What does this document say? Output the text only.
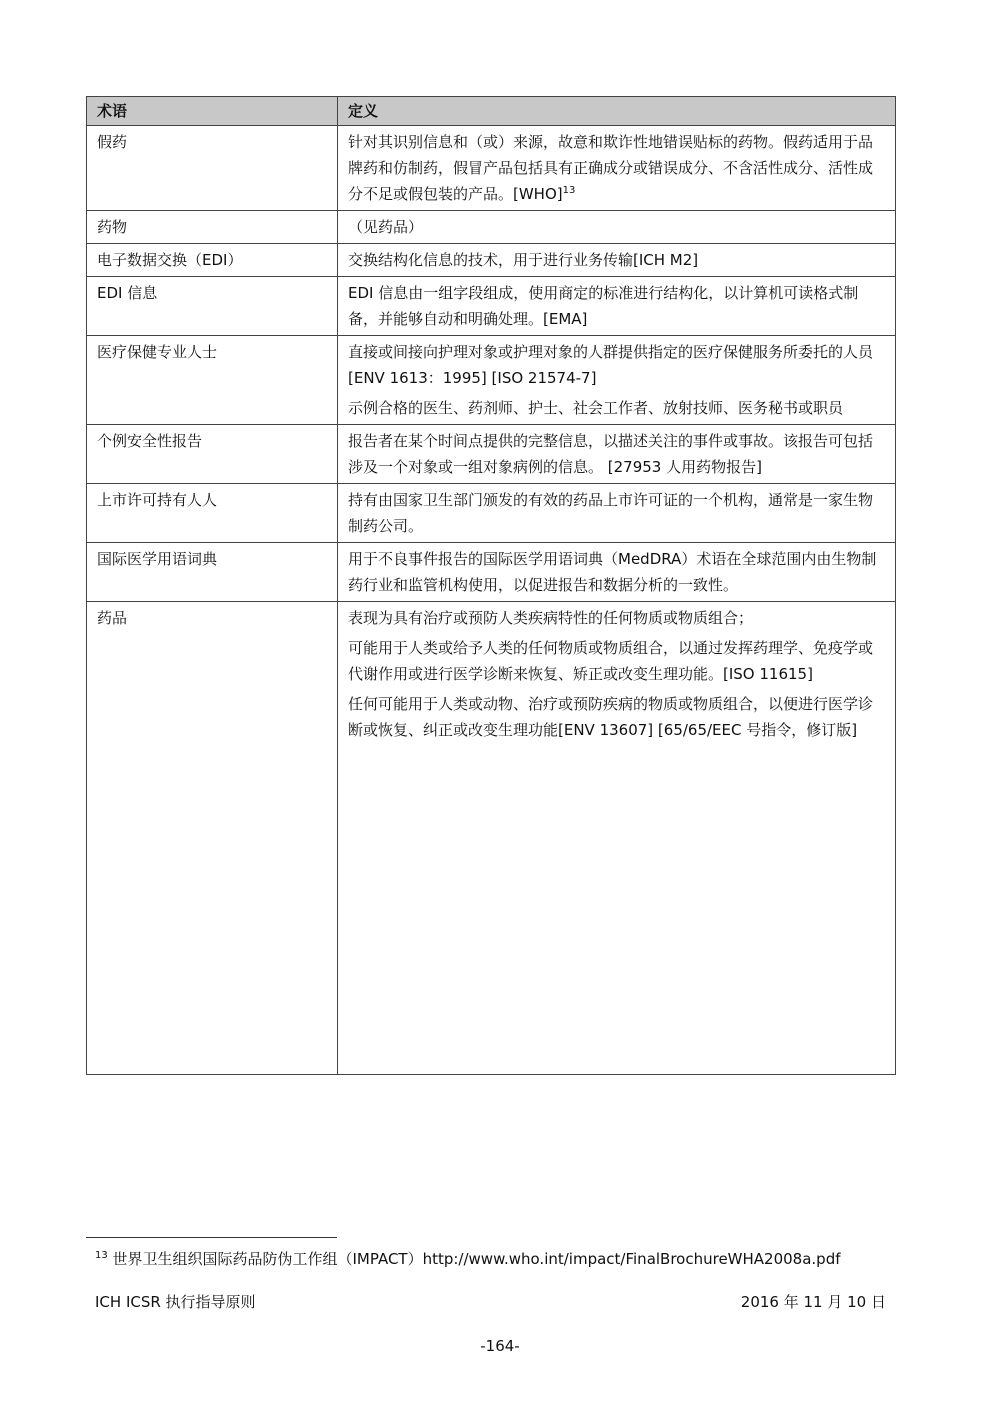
术语	定义
假药	针对其识别信息和（或）来源，故意和欺诈性地错误贴标的药物。假药适用于品牌药和仿制药，假冒产品包括具有正确成分或错误成分、不含活性成分、活性成分不足或假包装的产品。[WHO]$^{13}$

药物	（见药品）

电子数据交换（EDI）	交换结构化信息的技术，用于进行业务传输[ICH M2]

EDI 信息	EDI 信息由一组字段组成，使用商定的标准进行结构化，以计算机可读格式制备，并能够自动和明确处理。[EMA]

医疗保健专业人士	直接或间接向护理对象或护理对象的人群提供指定的医疗保健服务所委托的人员[ENV 1613：1995] [ISO 21574-7]

示例合格的医生、药剂师、护士、社会工作者、放射技师、医务秘书或职员

个例安全性报告	报告者在某个时间点提供的完整信息，以描述关注的事件或事故。该报告可包括涉及一个对象或一组对象病例的信息。 [27953 人用药物报告]

上市许可持有人人	持有由国家卫生部门颁发的有效的药品上市许可证的一个机构，通常是一家生物制药公司。

国际医学用语词典	用于不良事件报告的国际医学用语词典（MedDRA）术语在全球范围内由生物制药行业和监管机构使用，以促进报告和数据分析的一致性。

药品	表现为具有治疗或预防人类疾病特性的任何物质或物质组合；

可能用于人类或给予人类的任何物质或物质组合，以通过发挥药理学、免疫学或代谢作用或进行医学诊断来恢复、矫正或改变生理功能。[ISO 11615]

任何可能用于人类或动物、治疗或预防疾病的物质或物质组合，以便进行医学诊断或恢复、纠正或改变生理功能[ENV 13607] [65/65/EEC 号指令，修订版]

$^{13}$ 世界卫生组织国际药品防伪工作组（IMPACT）http://www.who.int/impact/FinalBrochureWHA2008a.pdf
ICH ICSR 执行指导原则	2016 年 11 月 10 日
-164-
